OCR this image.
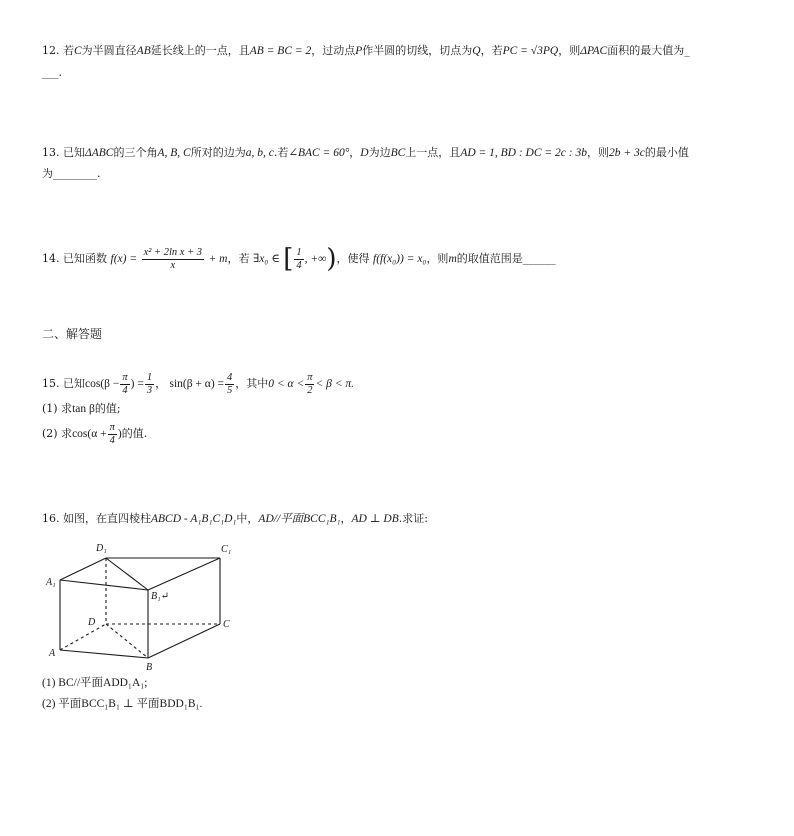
12. 若C为半圆直径AB延长线上的一点，且AB = BC = 2，过动点P作半圆的切线，切点为Q，若PC = √3PQ，则ΔPAC面积的最大值为_
___.
13. 已知ΔABC的三个角A, B, C所对的边为a, b, c.若∠BAC = 60°，D为边BC上一点，且AD = 1, BD : DC = 2c : 3b，则2b + 3c的最小值
为________.
14. 已知函数 $f(x) = \frac{\text{x² + 2ln x + 3}}{x} + m$，若 ∃x₀ ∈ [ $\frac{1}{4}$ , +∞)，使得 f(f(x₀)) = x₀，则m的取值范围是______
二、解答题
15. 已知$\cos(\beta - \frac{\pi}{4}$ ) = $\frac{1}{3}$ ， $\sin(\beta + \alpha) = \frac{4}{5}$ ，其中$0 < \alpha < \frac{\pi}{2} < \beta < \pi$.
(1) 求tan β的值;
(2) 求$\cos(\alpha + \frac{\pi}{4}$ )的值.
16. 如图，在直四棱柱ABCD - A₁B₁C₁D₁中，AD//平面BCC₁B₁，AD ⊥ DB.求证:
D₁	C₁
A₁
B₁↵
D	C
A
B
(1) BC//平面ADD₁A₁;
(2) 平面BCC₁B₁ ⊥ 平面BDD₁B₁.
